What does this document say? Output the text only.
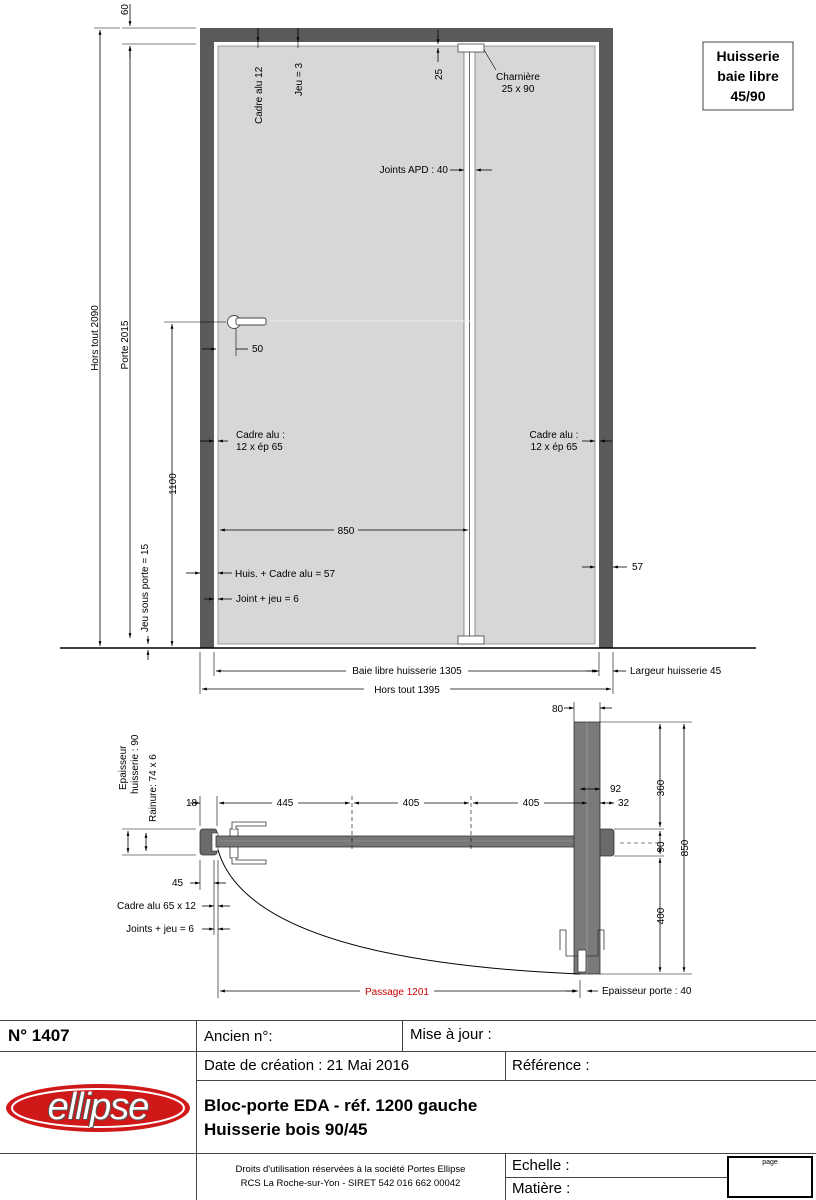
60
Hors tout 2090 Porte 2015
Cadre alu 12	Jeu = 3	25	Charnière
25 x 90
Joints APD : 40
50
1100
Cadre alu :
12 x ép 65
Cadre alu :
12 x ép 65
850
Jeu sous porte = 15	Huis. + Cadre alu = 57
57
Joint + jeu = 6
Baie libre huisserie 1305	Largeur huisserie 45
Hors tout 1395
Huisserie
baie libre
45/90
80
Epaisseur huisserie : 90 Rainure: 74 x 6	18	445	405	405
92
32
360
90
400
850
45
Cadre alu 65 x 12
Joints + jeu = 6
Passage 1201	Epaisseur porte : 40
page
N° 1407	Ancien n°:	Mise à jour :
Date de création : 21 Mai 2016	Référence :
ellipse	Bloc-porte EDA - réf. 1200 gauche
Huisserie bois 90/45
Droits d'utilisation réservées à la société Portes Ellipse
RCS La Roche-sur-Yon - SIRET 542 016 662 00042
Echelle :
Matière :
